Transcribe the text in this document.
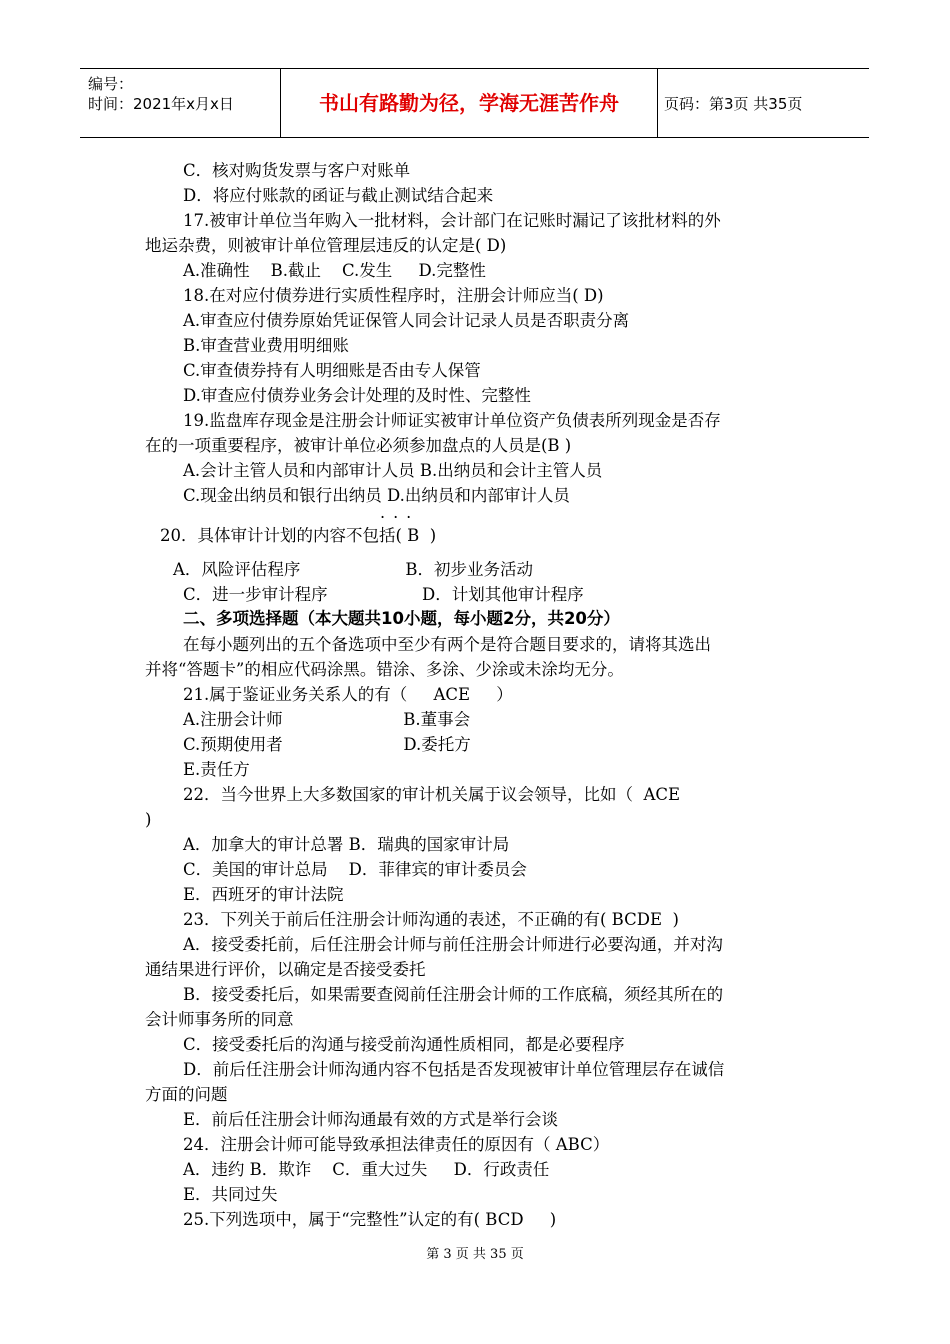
编号：
时间：2021年x月x日	书山有路勤为径，学海无涯苦作舟	页码：第3页 共35页
C．核对购货发票与客户对账单
D．将应付账款的函证与截止测试结合起来
17.被审计单位当年购入一批材料，会计部门在记账时漏记了该批材料的外
地运杂费，则被审计单位管理层违反的认定是( D)
A.准确性    B.截止    C.发生     D.完整性
18.在对应付债券进行实质性程序时，注册会计师应当( D)
A.审查应付债券原始凭证保管人同会计记录人员是否职责分离
B.审查营业费用明细账
C.审查债券持有人明细账是否由专人保管
D.审查应付债券业务会计处理的及时性、完整性
19.监盘库存现金是注册会计师证实被审计单位资产负债表所列现金是否存
在的一项重要程序，被审计单位必须参加盘点的人员是(B )
A.会计主管人员和内部审计人员 B.出纳员和会计主管人员
C.现金出纳员和银行出纳员 D.出纳员和内部审计人员
...
20．具体审计计划的内容不包括( B  )
A．风险评估程序                    B．初步业务活动
C．进一步审计程序                  D．计划其他审计程序
二、多项选择题（本大题共10小题，每小题2分，共20分）
在每小题列出的五个备选项中至少有两个是符合题目要求的，请将其选出
并将“答题卡”的相应代码涂黑。错涂、多涂、少涂或未涂均无分。
21.属于鉴证业务关系人的有（     ACE     ）
A.注册会计师                       B.董事会
C.预期使用者                       D.委托方
E.责任方
22．当今世界上大多数国家的审计机关属于议会领导，比如（  ACE
)
A．加拿大的审计总署 B．瑞典的国家审计局
C．美国的审计总局    D．菲律宾的审计委员会
E．西班牙的审计法院
23．下列关于前后任注册会计师沟通的表述，不正确的有( BCDE  )
A．接受委托前，后任注册会计师与前任注册会计师进行必要沟通，并对沟
通结果进行评价，以确定是否接受委托
B．接受委托后，如果需要查阅前任注册会计师的工作底稿，须经其所在的
会计师事务所的同意
C．接受委托后的沟通与接受前沟通性质相同，都是必要程序
D．前后任注册会计师沟通内容不包括是否发现被审计单位管理层存在诚信
方面的问题
E．前后任注册会计师沟通最有效的方式是举行会谈
24．注册会计师可能导致承担法律责任的原因有（ ABC）
A．违约 B．欺诈    C．重大过失     D．行政责任
E．共同过失
25.下列选项中，属于“完整性”认定的有( BCD     )
第 3 页 共 35 页
